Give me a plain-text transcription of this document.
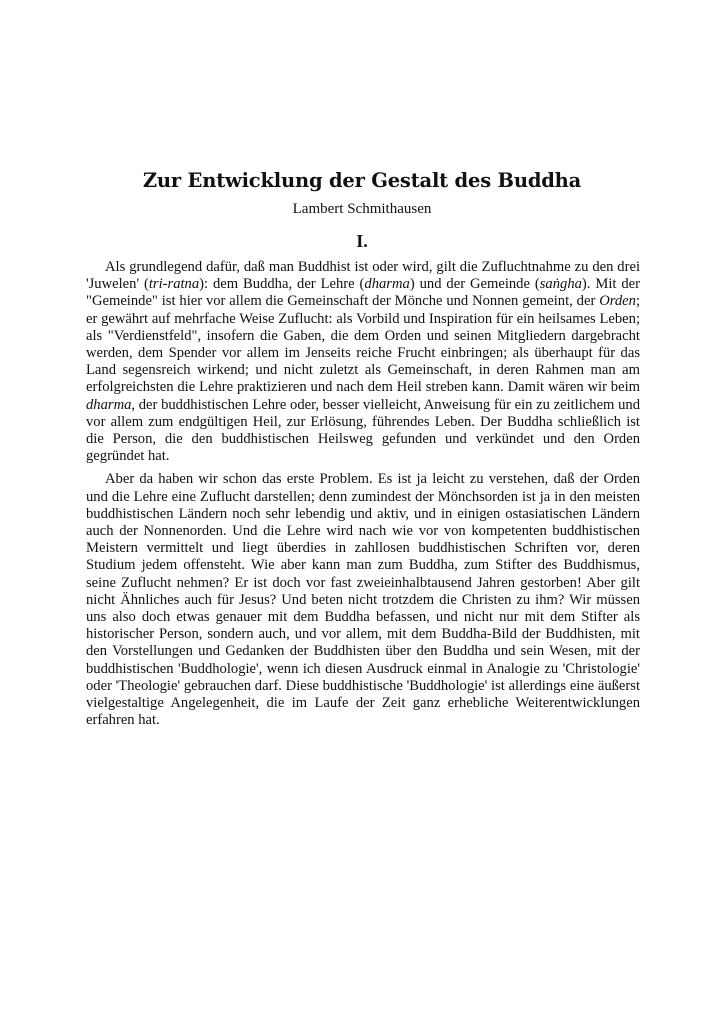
Zur Entwicklung der Gestalt des Buddha
Lambert Schmithausen
I.

Als grundlegend dafür, daß man Buddhist ist oder wird, gilt die Zufluchtnahme zu den drei 'Juwelen' (tri-ratna): dem Buddha, der Lehre (dharma) und der Gemeinde (saṅgha). Mit der "Gemeinde" ist hier vor allem die Gemeinschaft der Mönche und Nonnen gemeint, der Orden; er gewährt auf mehrfache Weise Zuflucht: als Vorbild und Inspiration für ein heilsames Leben; als "Verdienstfeld", insofern die Gaben, die dem Orden und seinen Mitgliedern dargebracht werden, dem Spender vor allem im Jenseits reiche Frucht einbringen; als überhaupt für das Land segensreich wirkend; und nicht zuletzt als Gemeinschaft, in deren Rahmen man am erfolgreichsten die Lehre praktizieren und nach dem Heil streben kann. Damit wären wir beim dharma, der buddhistischen Lehre oder, besser vielleicht, Anweisung für ein zu zeitlichem und vor allem zum endgültigen Heil, zur Erlösung, führendes Leben. Der Buddha schließlich ist die Person, die den buddhistischen Heilsweg gefunden und verkündet und den Orden gegründet hat.

Aber da haben wir schon das erste Problem. Es ist ja leicht zu verstehen, daß der Orden und die Lehre eine Zuflucht darstellen; denn zumindest der Mönchsorden ist ja in den meisten buddhistischen Ländern noch sehr lebendig und aktiv, und in einigen ostasiatischen Ländern auch der Nonnenorden. Und die Lehre wird nach wie vor von kompetenten buddhistischen Meistern vermittelt und liegt überdies in zahllosen buddhistischen Schriften vor, deren Studium jedem offensteht. Wie aber kann man zum Buddha, zum Stifter des Buddhismus, seine Zuflucht nehmen? Er ist doch vor fast zweieinhalbtausend Jahren gestorben! Aber gilt nicht Ähnliches auch für Jesus? Und beten nicht trotzdem die Christen zu ihm? Wir müssen uns also doch etwas genauer mit dem Buddha befassen, und nicht nur mit dem Stifter als historischer Person, sondern auch, und vor allem, mit dem Buddha-Bild der Buddhisten, mit den Vorstellungen und Gedanken der Buddhisten über den Buddha und sein Wesen, mit der buddhistischen 'Buddhologie', wenn ich diesen Ausdruck einmal in Analogie zu 'Christologie' oder 'Theologie' gebrauchen darf. Diese buddhistische 'Buddhologie' ist allerdings eine äußerst vielgestaltige Angelegenheit, die im Laufe der Zeit ganz erhebliche Weiterentwicklungen erfahren hat.
